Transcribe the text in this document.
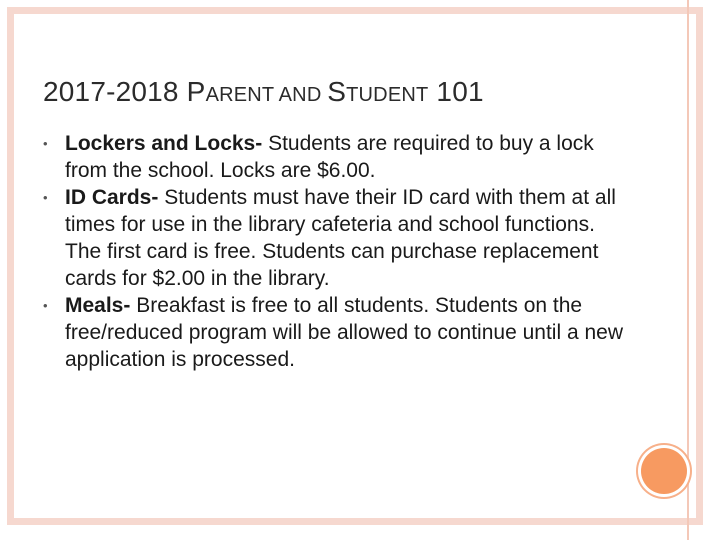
2017-2018 PARENT AND STUDENT 101
• Lockers and Locks- Students are required to buy a lock from the school. Locks are $6.00.
• ID Cards- Students must have their ID card with them at all times for use in the library cafeteria and school functions. The first card is free. Students can purchase replacement cards for $2.00 in the library.
• Meals- Breakfast is free to all students. Students on the free/reduced program will be allowed to continue until a new application is processed.
